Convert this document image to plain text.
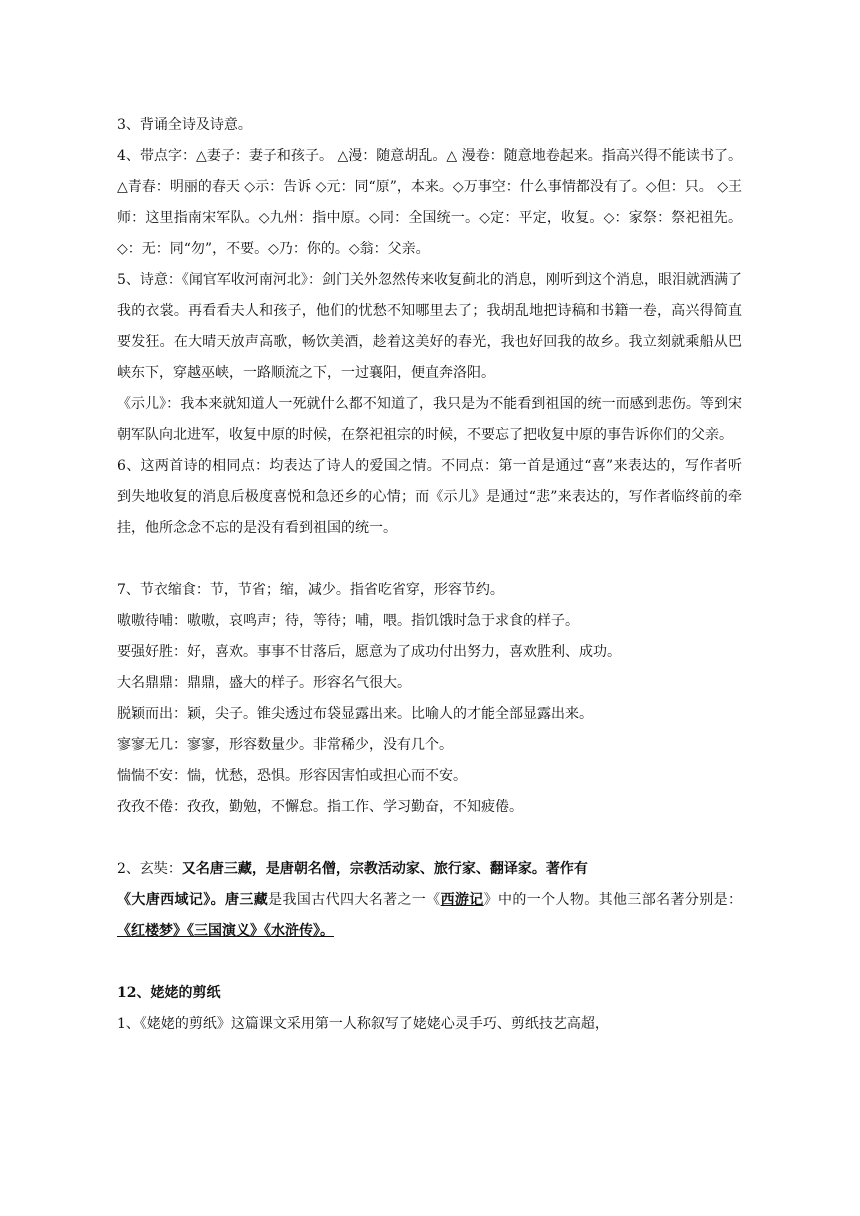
3、背诵全诗及诗意。

4、带点字：△妻子：妻子和孩子。 △漫：随意胡乱。△ 漫卷：随意地卷起来。指高兴得不能读书了。 △青春：明丽的春天 ◇示：告诉 ◇元：同“原”，本来。◇万事空：什么事情都没有了。◇但：只。 ◇王师：这里指南宋军队。◇九州：指中原。◇同：全国统一。◇定：平定，收复。◇：家祭：祭祀祖先。◇：无：同“勿”，不要。◇乃：你的。◇翁：父亲。

5、诗意：《闻官军收河南河北》：剑门关外忽然传来收复蓟北的消息，刚听到这个消息，眼泪就洒满了我的衣裳。再看看夫人和孩子，他们的忧愁不知哪里去了；我胡乱地把诗稿和书籍一卷，高兴得简直要发狂。在大晴天放声高歌，畅饮美酒，趁着这美好的春光，我也好回我的故乡。我立刻就乘船从巴峡东下，穿越巫峡，一路顺流之下，一过襄阳，便直奔洛阳。

《示儿》：我本来就知道人一死就什么都不知道了，我只是为不能看到祖国的统一而感到悲伤。等到宋朝军队向北进军，收复中原的时候，在祭祀祖宗的时候，不要忘了把收复中原的事告诉你们的父亲。

6、这两首诗的相同点：均表达了诗人的爱国之情。不同点：第一首是通过“喜”来表达的，写作者听到失地收复的消息后极度喜悦和急还乡的心情；而《示儿》是通过“悲”来表达的，写作者临终前的牵挂，他所念念不忘的是没有看到祖国的统一。

7、节衣缩食：节，节省；缩，减少。指省吃省穿，形容节约。

嗷嗷待哺：嗷嗷，哀鸣声；待，等待；哺，喂。指饥饿时急于求食的样子。

要强好胜：好，喜欢。事事不甘落后，愿意为了成功付出努力，喜欢胜利、成功。

大名鼎鼎：鼎鼎，盛大的样子。形容名气很大。

脱颖而出：颖，尖子。锥尖透过布袋显露出来。比喻人的才能全部显露出来。

寥寥无几：寥寥，形容数量少。非常稀少，没有几个。

惴惴不安：惴，忧愁，恐惧。形容因害怕或担心而不安。

孜孜不倦：孜孜，勤勉，不懈怠。指工作、学习勤奋，不知疲倦。

2、玄奘：又名唐三藏，是唐朝名僧，宗教活动家、旅行家、翻译家。著作有
《大唐西域记》。唐三藏是我国古代四大名著之一《西游记》中的一个人物。其他三部名著分别是： 《红楼梦》《三国演义》《水浒传》。

12、姥姥的剪纸

1、《姥姥的剪纸》这篇课文采用第一人称叙写了姥姥心灵手巧、剪纸技艺高超，
